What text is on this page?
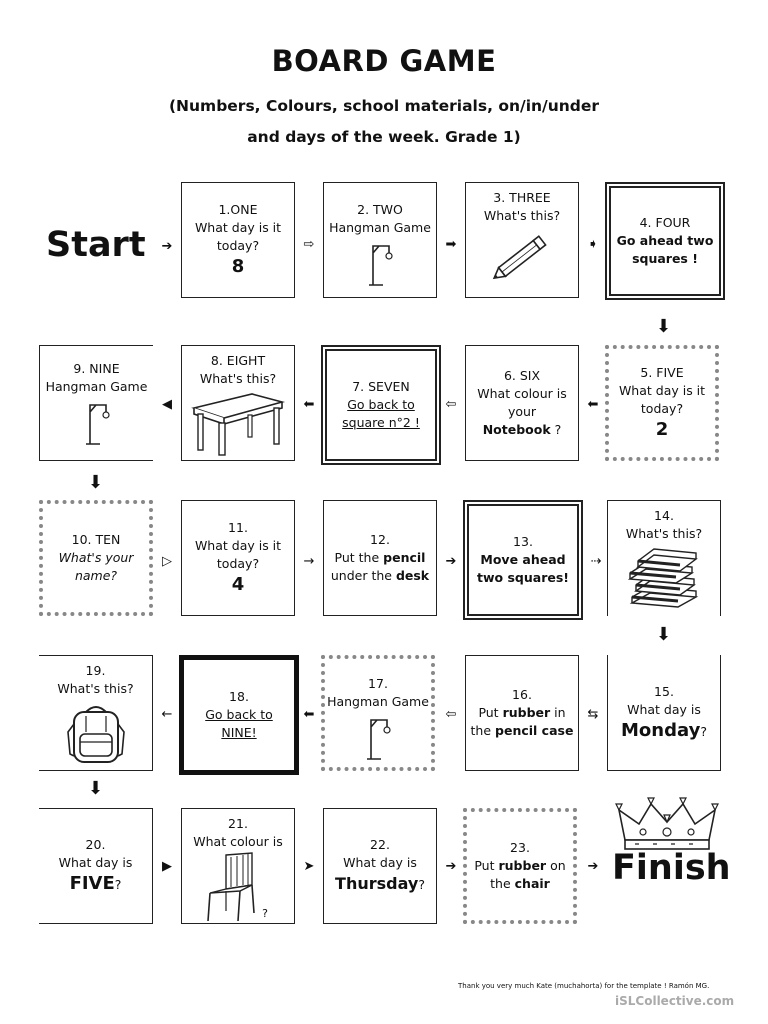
BOARD GAME
(Numbers, Colours, school materials, on/in/under
and days of the week. Grade 1)
Start
1.ONE
What day is it
today?
8
2. TWO
Hangman Game
3. THREE
What's this?	4. FOUR
Go ahead two
squares !
➔	⇨	➡	➧
⬇
5. FIVE
What day is it
today?
2
6. SIX
What colour is
your
Notebook ?
7. SEVEN
Go back to
square n°2 !
8. EIGHT
What's this?
9. NINE
Hangman Game
⬅
⇦
⬅
◀
⬇
10. TEN
What's your
name?
11.
What day is it
today?
4
12.
Put the pencil
under the desk
13.
Move ahead
two squares!
14.
What's this?
▷	→	➔	⇢
⬇
15.
What day is
Monday?
16.
Put rubber in
the pencil case
17.
Hangman Game
18.
Go back to
NINE!
19.
What's this?
⇆
⇦
⬅
←
⬇
20.
What day is
FIVE?
21.
What colour is
?
22.
What day is
Thursday?
23.
Put rubber on
the chair
▶	➤	➔	➔ Finish
Thank you very much Kate (muchahorta) for the template ! Ramón MG.
iSLCollective.com
